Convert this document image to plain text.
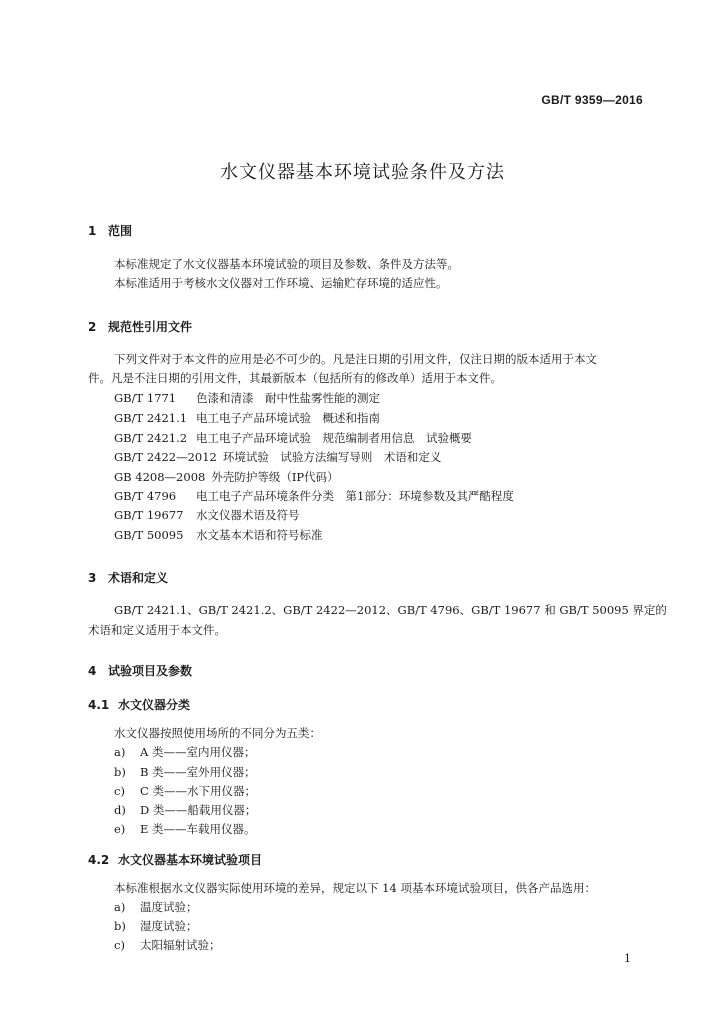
GB/T 9359—2016
水文仪器基本环境试验条件及方法
1 范围
本标准规定了水文仪器基本环境试验的项目及参数、条件及方法等。
本标准适用于考核水文仪器对工作环境、运输贮存环境的适应性。
2 规范性引用文件
下列文件对于本文件的应用是必不可少的。凡是注日期的引用文件，仅注日期的版本适用于本文
件。凡是不注日期的引用文件，其最新版本（包括所有的修改单）适用于本文件。
GB/T 1771 色漆和清漆　耐中性盐雾性能的测定
GB/T 2421.1 电工电子产品环境试验　概述和指南
GB/T 2421.2 电工电子产品环境试验　规范编制者用信息　试验概要
GB/T 2422—2012 环境试验　试验方法编写导则　术语和定义
GB 4208—2008 外壳防护等级（IP代码）
GB/T 4796 电工电子产品环境条件分类　第1部分：环境参数及其严酷程度
GB/T 19677 水文仪器术语及符号
GB/T 50095 水文基本术语和符号标准
3 术语和定义
GB/T 2421.1、GB/T 2421.2、GB/T 2422—2012、GB/T 4796、GB/T 19677 和 GB/T 50095 界定的
术语和定义适用于本文件。
4 试验项目及参数
4.1 水文仪器分类
水文仪器按照使用场所的不同分为五类：
a) A 类——室内用仪器；
b) B 类——室外用仪器；
c) C 类——水下用仪器；
d) D 类——船载用仪器；
e) E 类——车载用仪器。
4.2 水文仪器基本环境试验项目
本标准根据水文仪器实际使用环境的差异，规定以下 14 项基本环境试验项目，供各产品选用：
a) 温度试验；
b) 湿度试验；
c) 太阳辐射试验；
1
